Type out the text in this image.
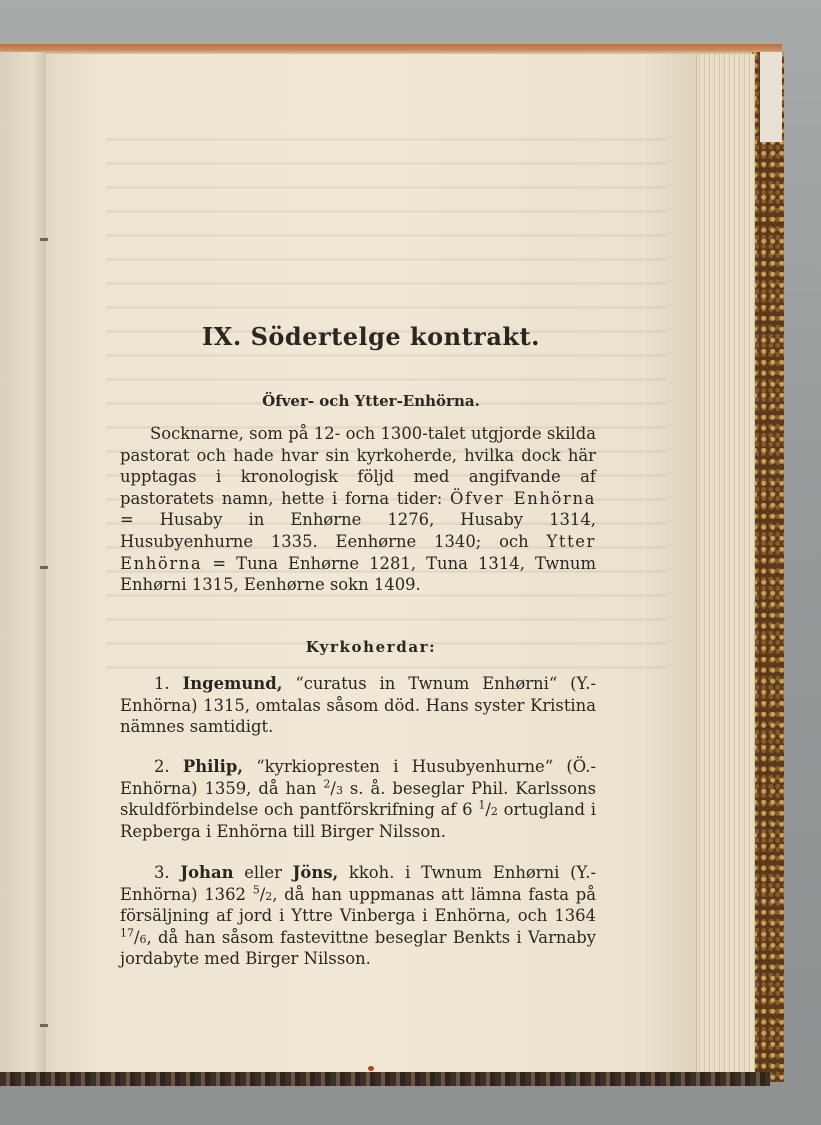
IX. Södertelge kontrakt.
Öfver- och Ytter-Enhörna.

Socknarne, som på 12- och 1300-talet utgjorde skilda pastorat och hade hvar sin kyrkoherde, hvilka dock här upptagas i kronologisk följd med angifvande af pastoratets namn, hette i forna tider: Öfver Enhörna = Husaby in Enhørne 1276, Husaby 1314, Husubyenhurne 1335. Eenhørne 1340; och Ytter Enhörna = Tuna Enhørne 1281, Tuna 1314, Twnum Enhørni 1315, Eenhørne sokn 1409.

Kyrkoherdar:

1. Ingemund, “curatus in Twnum Enhørni“ (Y.-Enhörna) 1315, omtalas såsom död. Hans syster Kristina nämnes samtidigt.

2. Philip, “kyrkiopresten i Husubyenhurne“ (Ö.-Enhörna) 1359, då han $^2$/3 s. å. beseglar Phil. Karlssons skuldförbindelse och pantförskrifning af 6 $^1$/2 ortugland i Repberga i Enhörna till Birger Nilsson.

3. Johan eller Jöns, kkoh. i Twnum Enhørni (Y.-Enhörna) 1362 $^5$/2, då han uppmanas att lämna fasta på försäljning af jord i Yttre Vinberga i Enhörna, och 1364 $^{17}$/6, då han såsom fastevittne beseglar Benkts i Varnaby jordabyte med Birger Nilsson.
